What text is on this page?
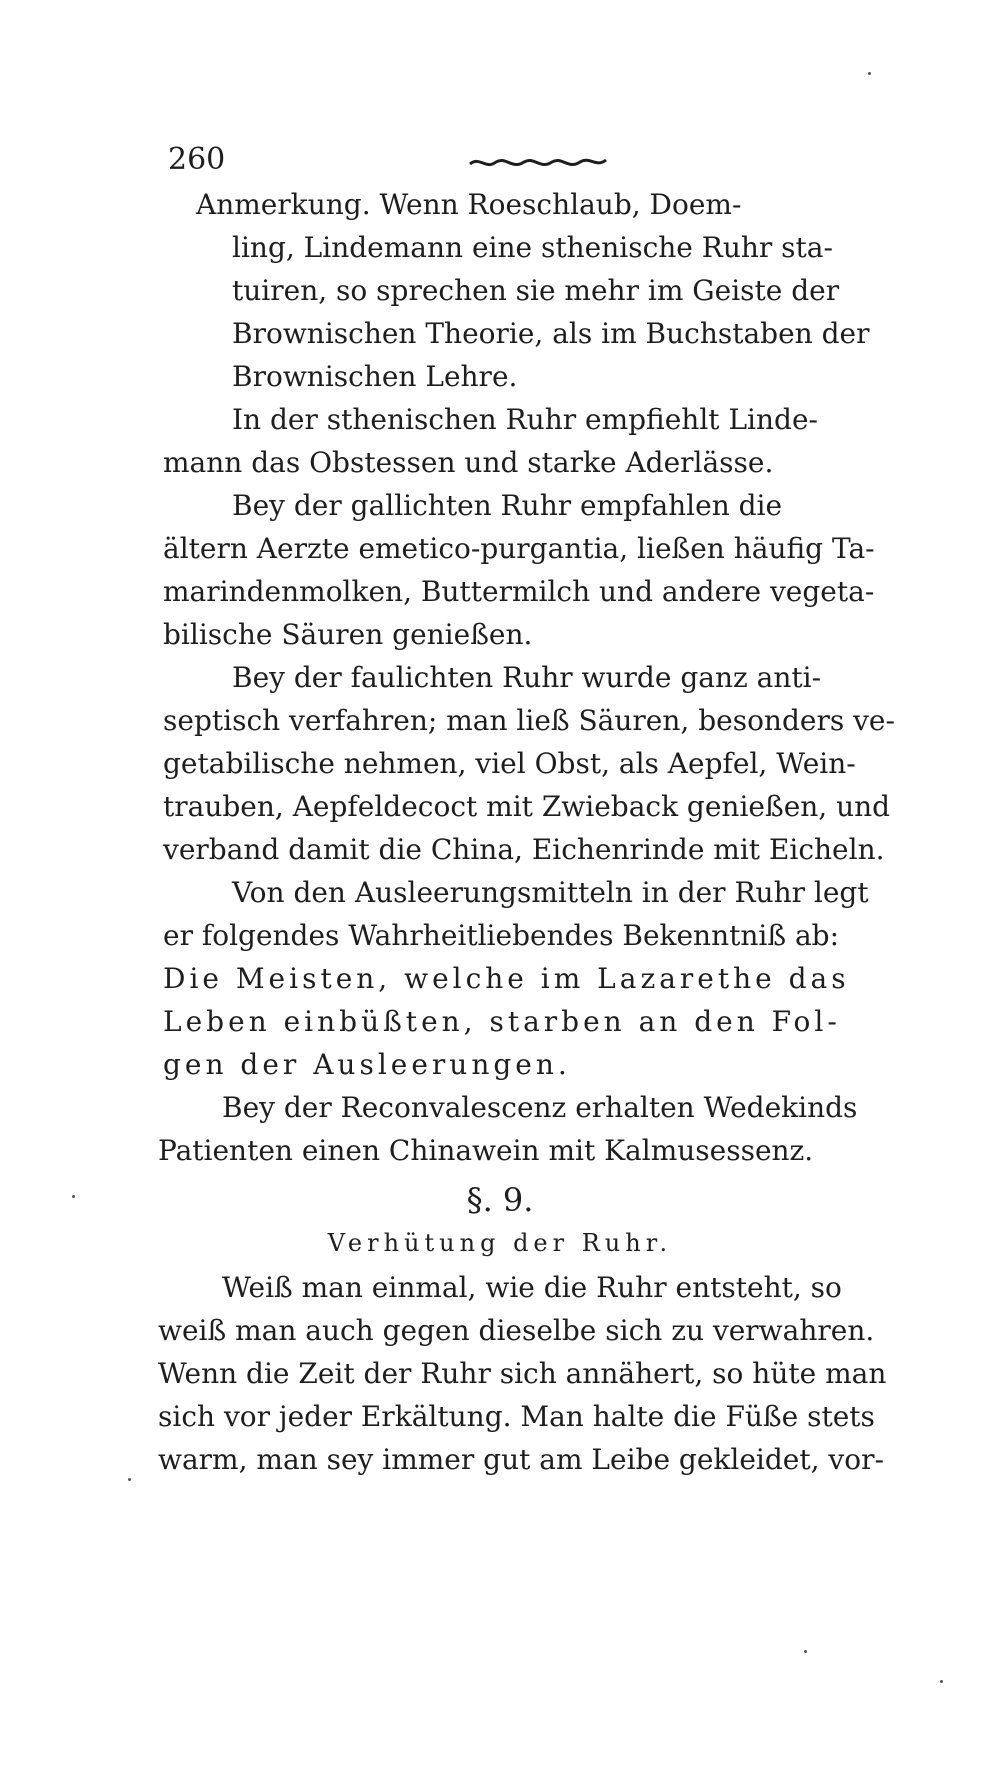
260
Anmerkung. Wenn Roeschlaub, Doem-
ling, Lindemann eine sthenische Ruhr sta-
tuiren, so sprechen sie mehr im Geiste der
Brownischen Theorie, als im Buchstaben der
Brownischen Lehre.
In der sthenischen Ruhr empfiehlt Linde-
mann das Obstessen und starke Aderlässe.
Bey der gallichten Ruhr empfahlen die
ältern Aerzte emetico-purgantia, ließen häufig Ta-
marindenmolken, Buttermilch und andere vegeta-
bilische Säuren genießen.
Bey der faulichten Ruhr wurde ganz anti-
septisch verfahren; man ließ Säuren, besonders ve-
getabilische nehmen, viel Obst, als Aepfel, Wein-
trauben, Aepfeldecoct mit Zwieback genießen, und
verband damit die China, Eichenrinde mit Eicheln.
Von den Ausleerungsmitteln in der Ruhr legt
er folgendes Wahrheitliebendes Bekenntniß ab:
Die Meisten, welche im Lazarethe das
Leben einbüßten, starben an den Fol-
gen der Ausleerungen.
Bey der Reconvalescenz erhalten Wedekinds
Patienten einen Chinawein mit Kalmusessenz.
§. 9.
Verhütung der Ruhr.
Weiß man einmal, wie die Ruhr entsteht, so
weiß man auch gegen dieselbe sich zu verwahren.
Wenn die Zeit der Ruhr sich annähert, so hüte man
sich vor jeder Erkältung. Man halte die Füße stets
warm, man sey immer gut am Leibe gekleidet, vor-
